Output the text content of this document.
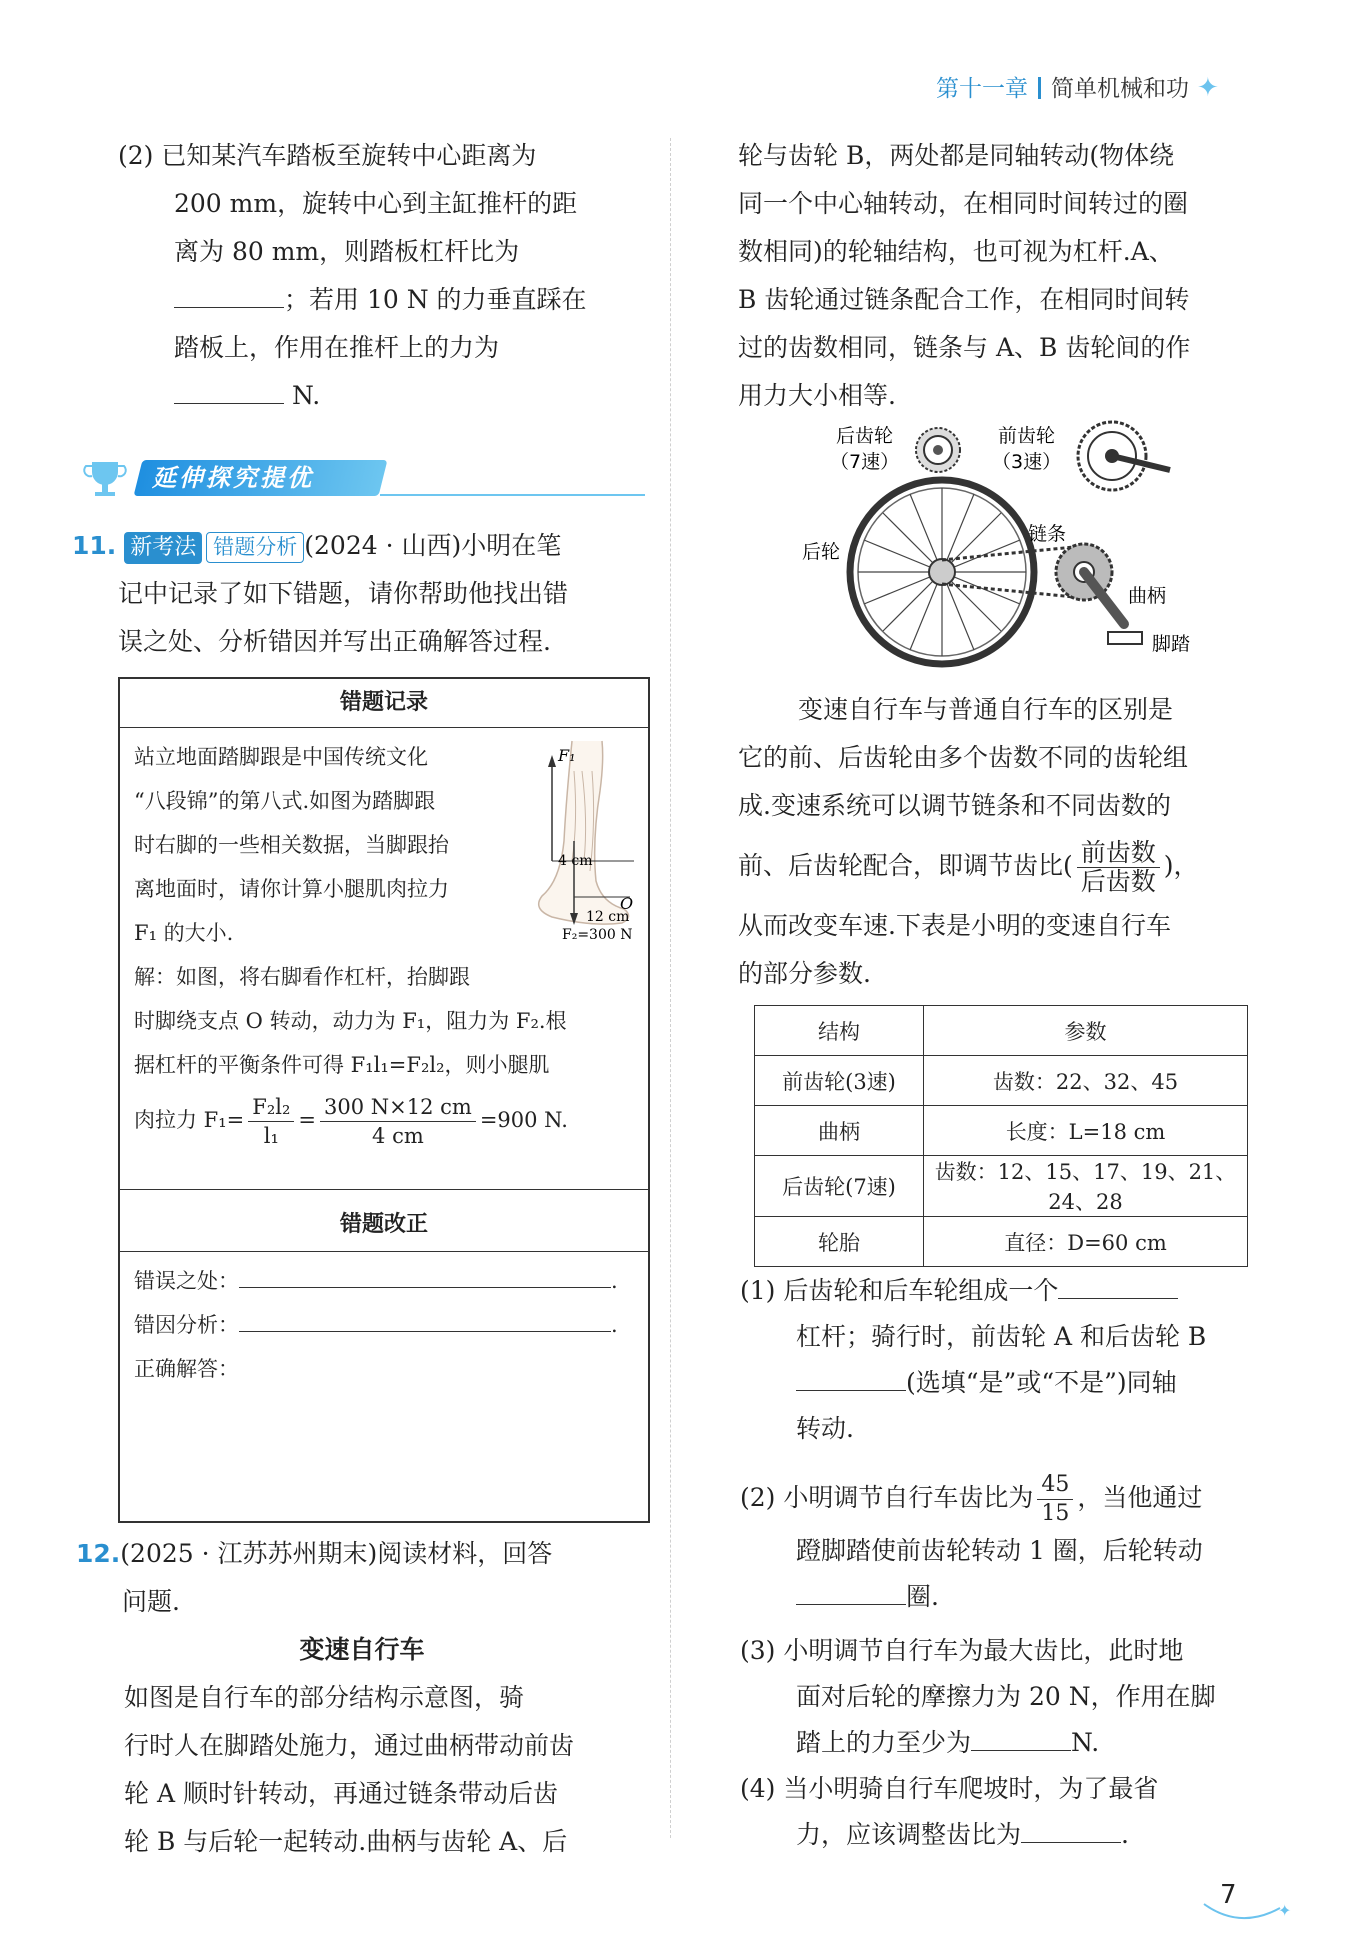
第十一章 简单机械和功 ✦
(2) 已知某汽车踏板至旋转中心距离为
200 mm，旋转中心到主缸推杆的距
离为 80 mm，则踏板杠杆比为
；若用 10 N 的力垂直踩在
踏板上，作用在推杆上的力为
N.
延伸探究提优
11. 新考法 错题分析 (2024 · 山西)小明在笔
记中记录了如下错题，请你帮助他找出错
误之处、分析错因并写出正确解答过程.
错题记录
站立地面踏脚跟是中国传统文化
“八段锦”的第八式.如图为踏脚跟
时右脚的一些相关数据，当脚跟抬
离地面时，请你计算小腿肌肉拉力
F₁ 的大小.
F₁
4 cm
12 cm
O
F₂=300 N
解：如图，将右脚看作杠杆，抬脚跟
时脚绕支点 O 转动，动力为 F₁，阻力为 F₂.根
据杠杆的平衡条件可得 F₁l₁=F₂l₂，则小腿肌
肉拉力 $F_1= \frac{\text{F₂l₂}}{\text{l₁}} = \frac{300 N\times 12 cm}{4 cm} =900$ N.
错题改正
错误之处：	.
错因分析：	.
正确解答：
12.(2025 · 江苏苏州期末)阅读材料，回答
问题.
变速自行车
如图是自行车的部分结构示意图，骑
行时人在脚踏处施力，通过曲柄带动前齿
轮 A 顺时针转动，再通过链条带动后齿
轮 B 与后轮一起转动.曲柄与齿轮 A、后
轮与齿轮 B，两处都是同轴转动(物体绕
同一个中心轴转动，在相同时间转过的圈
数相同)的轮轴结构，也可视为杠杆.A、
B 齿轮通过链条配合工作，在相同时间转
过的齿数相同，链条与 A、B 齿轮间的作
用力大小相等.
后齿轮
（7速）
前齿轮
（3速）
后轮
链条
曲柄
脚踏
变速自行车与普通自行车的区别是
它的前、后齿轮由多个齿数不同的齿轮组
成.变速系统可以调节链条和不同齿数的
前、后齿轮配合，即调节齿比( $\frac{\text{前齿数}}{\text{后齿数}}$ )，
从而改变车速.下表是小明的变速自行车
的部分参数.
结构	参数
前齿轮(3速)	齿数：22、32、45
曲柄	长度：L=18 cm
后齿轮(7速)	齿数：12、15、17、19、21、24、28
轮胎	直径：D=60 cm
(1) 后齿轮和后车轮组成一个
杠杆；骑行时，前齿轮 A 和后齿轮 B
(选填“是”或“不是”)同轴
转动.
(2) 小明调节自行车齿比为 $\frac{45}{15}$ ，当他通过
蹬脚踏使前齿轮转动 1 圈，后轮转动
圈.
(3) 小明调节自行车为最大齿比，此时地
面对后轮的摩擦力为 20 N，作用在脚
踏上的力至少为	N.
(4) 当小明骑自行车爬坡时，为了最省
力，应该调整齿比为	.
✦
7
